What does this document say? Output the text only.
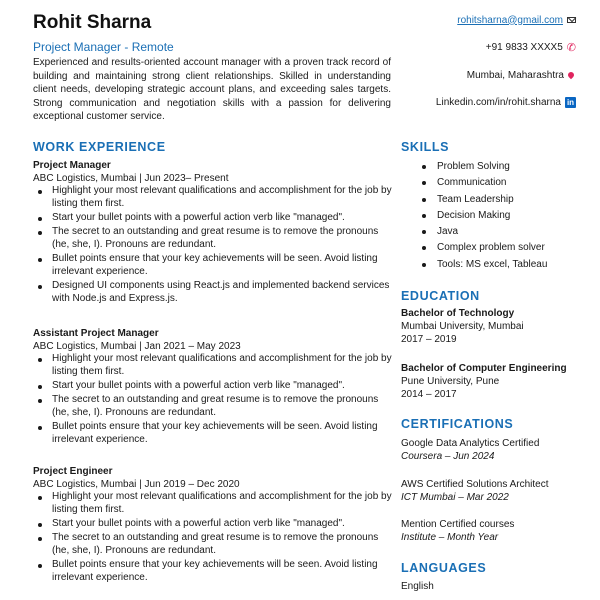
Rohit Sharna
Project Manager - Remote
Experienced and results-oriented account manager with a proven track record of building and maintaining strong client relationships. Skilled in understanding client needs, developing strategic account plans, and exceeding sales targets. Strong communication and negotiation skills with a passion for delivering exceptional customer service.
rohitsharna@gmail.com
+91 9833 XXXX5 ✆
Mumbai, Maharashtra
Linkedin.com/in/rohit.sharna in
WORK EXPERIENCE
Project Manager
ABC Logistics, Mumbai | Jun 2023– Present
Highlight your most relevant qualifications and accomplishment for the job by listing them first.
Start your bullet points with a powerful action verb like "managed".
The secret to an outstanding and great resume is to remove the pronouns (he, she, I). Pronouns are redundant.
Bullet points ensure that your key achievements will be seen. Avoid listing irrelevant experience.
Designed UI components using React.js and implemented backend services with Node.js and Express.js.
Assistant Project Manager
ABC Logistics, Mumbai | Jan 2021 – May 2023
Highlight your most relevant qualifications and accomplishment for the job by listing them first.
Start your bullet points with a powerful action verb like "managed".
The secret to an outstanding and great resume is to remove the pronouns (he, she, I). Pronouns are redundant.
Bullet points ensure that your key achievements will be seen. Avoid listing irrelevant experience.
Project Engineer
ABC Logistics, Mumbai | Jun 2019 – Dec 2020
Highlight your most relevant qualifications and accomplishment for the job by listing them first.
Start your bullet points with a powerful action verb like "managed".
The secret to an outstanding and great resume is to remove the pronouns (he, she, I). Pronouns are redundant.
Bullet points ensure that your key achievements will be seen. Avoid listing irrelevant experience.
SKILLS
Problem Solving
Communication
Team Leadership
Decision Making
Java
Complex problem solver
Tools: MS excel, Tableau
EDUCATION
Bachelor of Technology
Mumbai University, Mumbai
2017 – 2019
Bachelor of Computer Engineering
Pune University, Pune
2014 – 2017
CERTIFICATIONS
Google Data Analytics Certified
Coursera – Jun 2024
AWS Certified Solutions Architect
ICT Mumbai – Mar 2022
Mention Certified courses
Institute – Month Year
LANGUAGES
English
